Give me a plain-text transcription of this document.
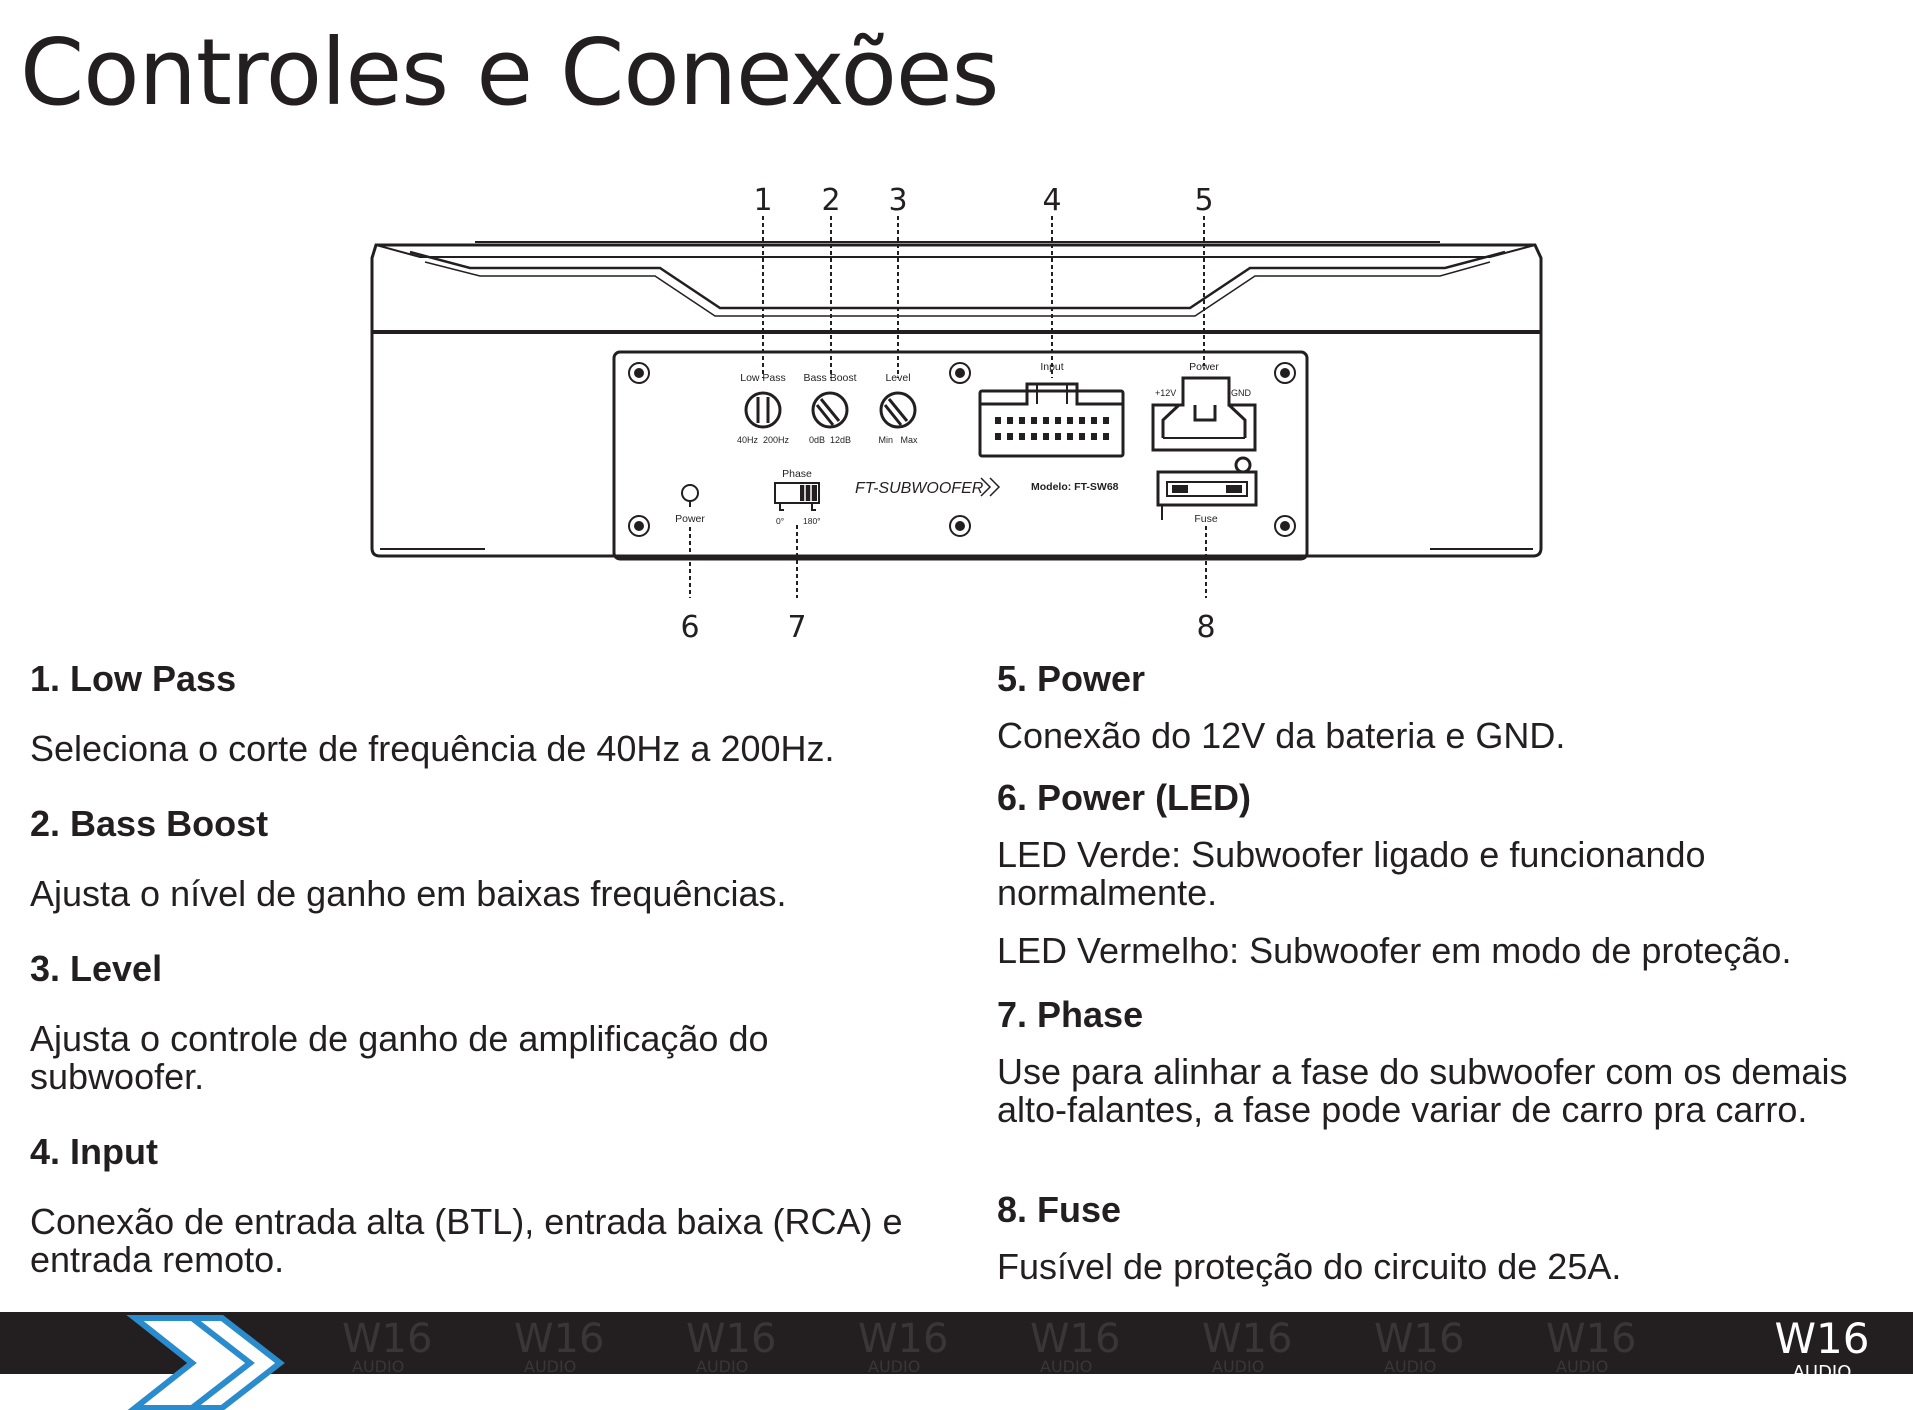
Controles e Conexões
Low Pass
40Hz  200Hz
Bass Boost
0dB  12dB
Level
Min   Max
Input	Power
+12V	GND
Fuse
Power
Phase
0° 180°
FT-SUBWOOFER	Modelo: FT-SW68
1 2 3	4	5
6	7	8
1. Low Pass

Seleciona o corte de frequência de 40Hz a 200Hz.

2. Bass Boost

Ajusta o nível de ganho em baixas frequências.

3. Level

Ajusta o controle de ganho de amplificação do subwoofer.

4. Input

Conexão de entrada alta (BTL), entrada baixa (RCA) e entrada remoto.

5. Power

Conexão do 12V da bateria e GND.

6. Power (LED)

LED Verde: Subwoofer ligado e funcionando normalmente.

LED Vermelho: Subwoofer em modo de proteção.

7. Phase

Use para alinhar a fase do subwoofer com os demais alto-falantes, a fase pode variar de carro pra carro.

8. Fuse

Fusível de proteção do circuito de 25A.

W16
AUDIO
W16
AUDIO
W16
AUDIO
W16
AUDIO
W16
AUDIO
W16
AUDIO
W16
AUDIO
W16
AUDIO
W16
AUDIO
